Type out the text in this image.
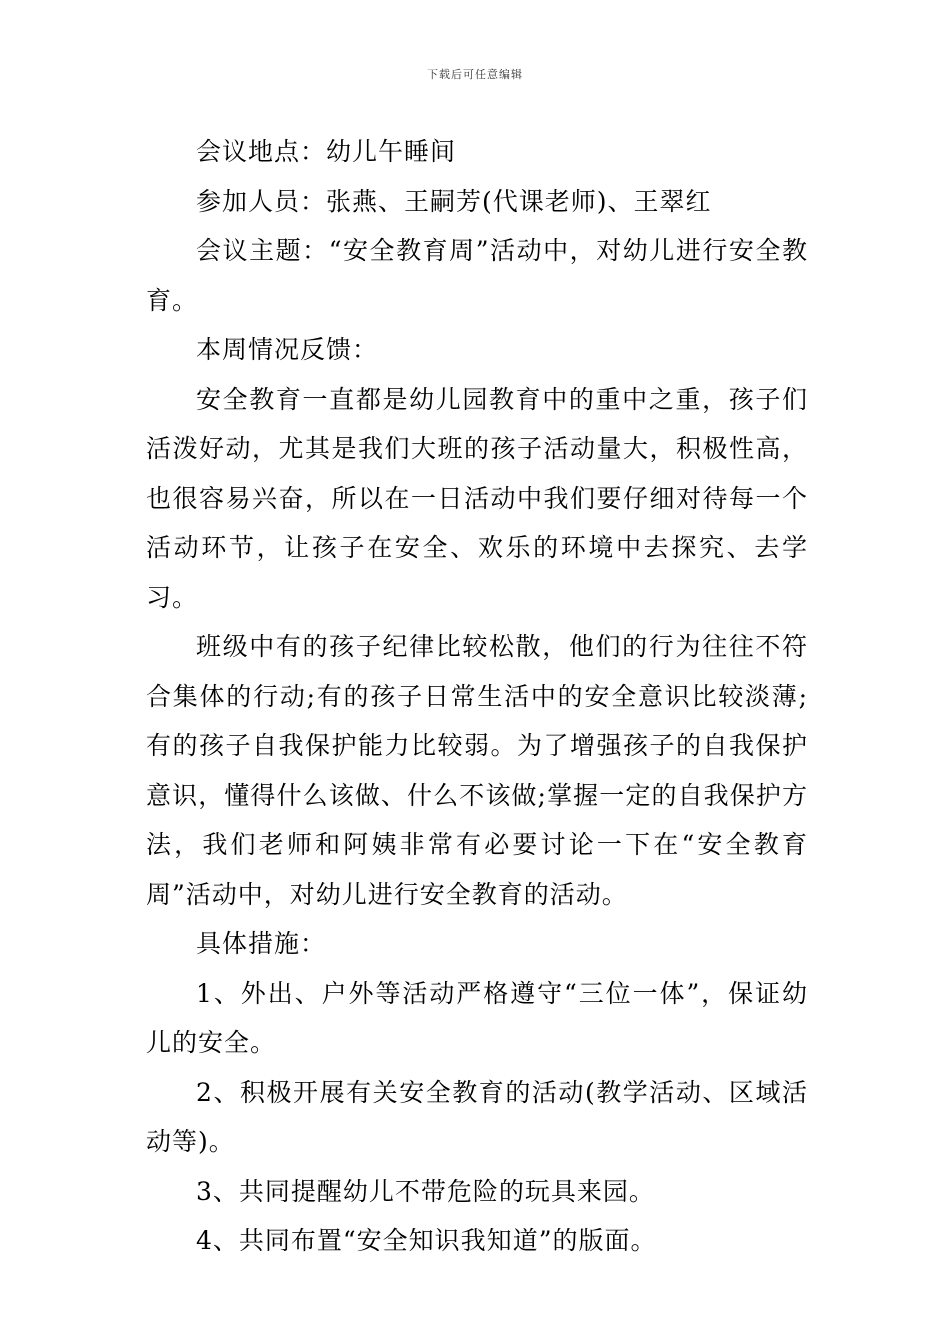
下载后可任意编辑

会议地点：幼儿午睡间

参加人员：张燕、王嗣芳(代课老师)、王翠红

会议主题：“安全教育周”活动中，对幼儿进行安全教育。

本周情况反馈：

安全教育一直都是幼儿园教育中的重中之重，孩子们活泼好动，尤其是我们大班的孩子活动量大，积极性高，也很容易兴奋，所以在一日活动中我们要仔细对待每一个活动环节，让孩子在安全、欢乐的环境中去探究、去学习。

班级中有的孩子纪律比较松散，他们的行为往往不符合集体的行动;有的孩子日常生活中的安全意识比较淡薄;有的孩子自我保护能力比较弱。为了增强孩子的自我保护意识，懂得什么该做、什么不该做;掌握一定的自我保护方法，我们老师和阿姨非常有必要讨论一下在“安全教育周”活动中，对幼儿进行安全教育的活动。

具体措施：

1、外出、户外等活动严格遵守“三位一体”，保证幼儿的安全。

2、积极开展有关安全教育的活动(教学活动、区域活动等)。

3、共同提醒幼儿不带危险的玩具来园。

4、共同布置“安全知识我知道”的版面。
